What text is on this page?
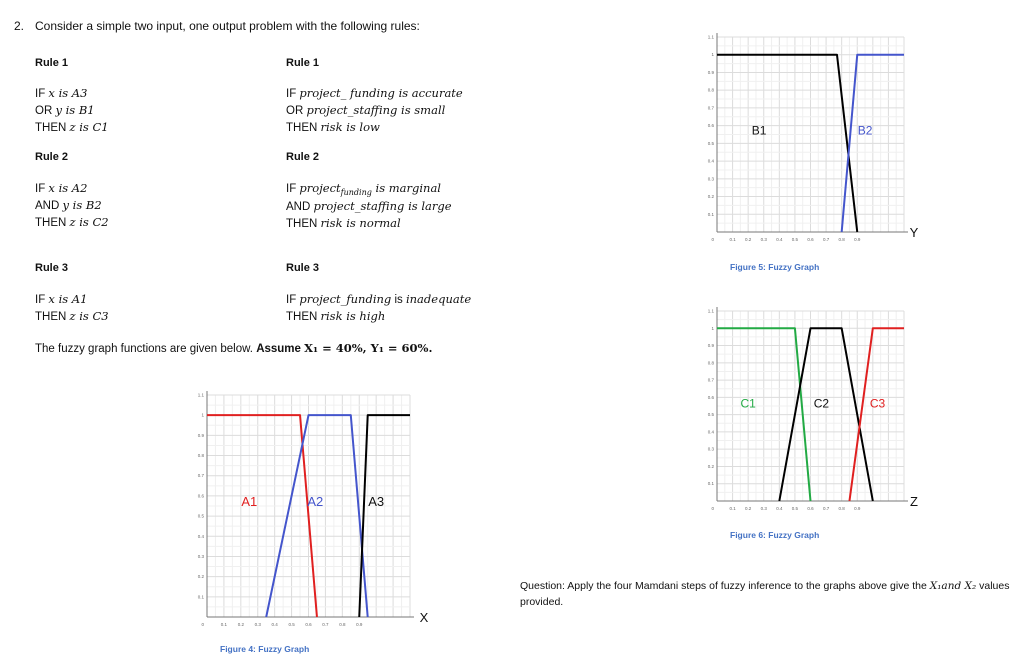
2. Consider a simple two input, one output problem with the following rules:
Rule 1	Rule 1
Rule 2	Rule 2
Rule 3	Rule 3
IF x is A3
OR y is B1
THEN z is C1
IF project_ funding is accurate
OR project_staffing is small
THEN risk is low
IF x is A2
AND y is B2
THEN z is C2
IF project$_{funding}$ is marginal
AND project_staffing is large
THEN risk is normal
IF x is A1
THEN z is C3
IF project_funding is inadequate
THEN risk is high
The fuzzy graph functions are given below. Assume X₁ = 40%, Y₁ = 60%.
0.1 0.2 0.3 0.4 0.5 0.6 0.7 0.8 0.9
0.1
0.2
0.3
0.4
0.5
0.6
0.7
0.8
0.9
1
1.1
0
A1	A2	A3
X
Figure 4: Fuzzy Graph
0.1 0.2 0.3 0.4 0.5 0.6 0.7 0.8 0.9
0.1
0.2
0.3
0.4
0.5
0.6
0.7
0.8
0.9
1
1.1
0
B1	B2
Y
Figure 5: Fuzzy Graph
0.1 0.2 0.3 0.4 0.5 0.6 0.7 0.8 0.9
0.1
0.2
0.3
0.4
0.5
0.6
0.7
0.8
0.9
1
1.1
0
C1	C2	C3
Z
Figure 6: Fuzzy Graph
Question: Apply the four Mamdani steps of fuzzy inference to the graphs above give the X₁and X₂ values provided.
